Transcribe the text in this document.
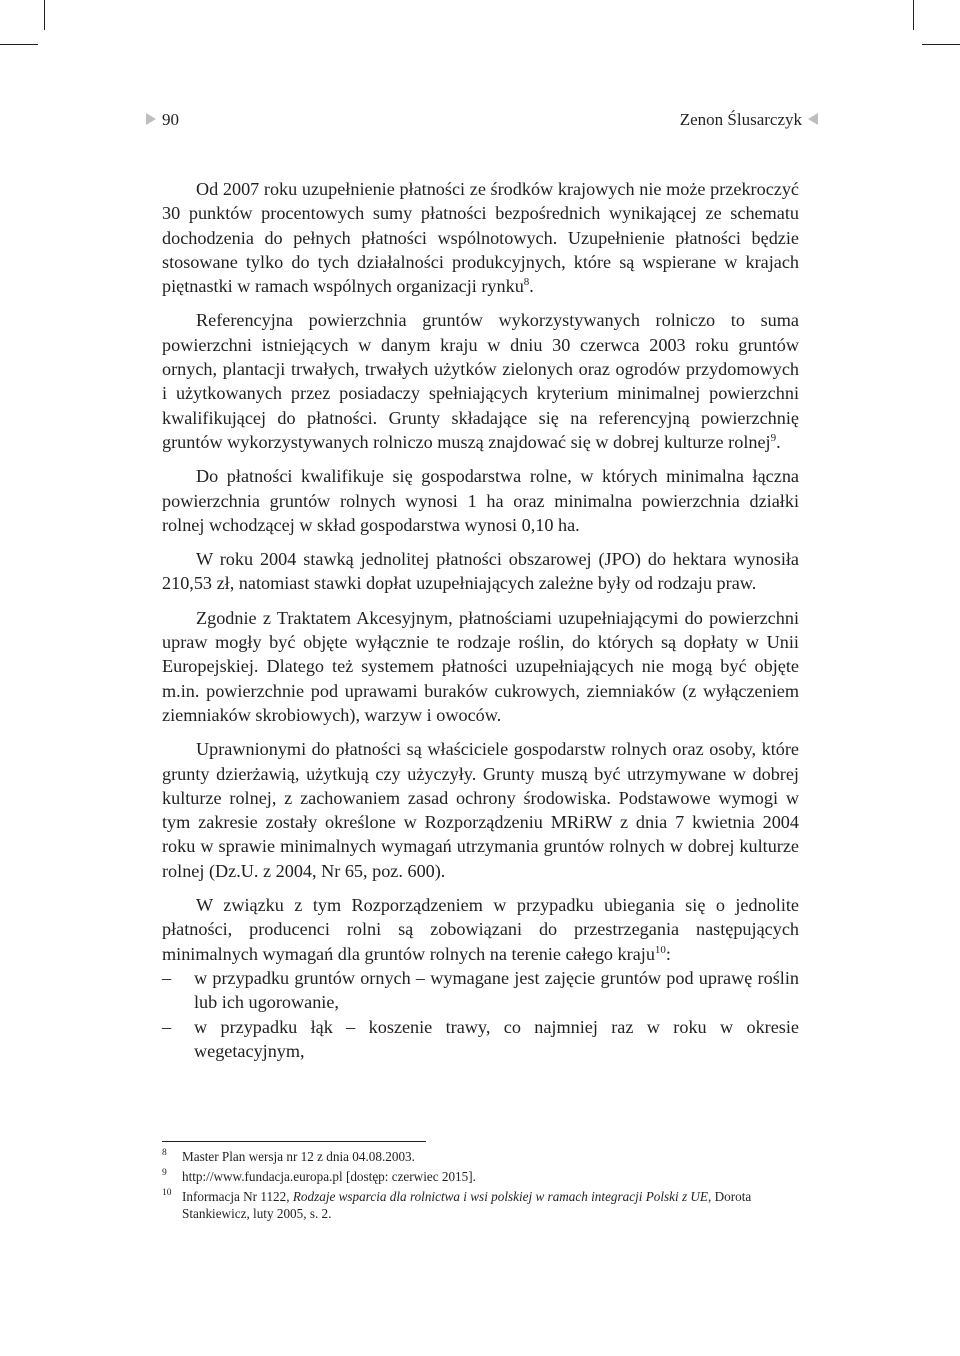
90	Zenon Ślusarczyk

Od 2007 roku uzupełnienie płatności ze środków krajowych nie może przekroczyć 30 punktów procentowych sumy płatności bezpośrednich wynikającej ze schematu dochodzenia do pełnych płatności wspólnotowych. Uzupełnienie płatności będzie stosowane tylko do tych działalności produkcyjnych, które są wspierane w krajach piętnastki w ramach wspólnych organizacji rynku$^8$.

Referencyjna powierzchnia gruntów wykorzystywanych rolniczo to suma powierzchni istniejących w danym kraju w dniu 30 czerwca 2003 roku gruntów ornych, plantacji trwałych, trwałych użytków zielonych oraz ogrodów przydomowych i użytkowanych przez posiadaczy spełniających kryterium minimalnej powierzchni kwalifikującej do płatności. Grunty składające się na referencyjną powierzchnię gruntów wykorzystywanych rolniczo muszą znajdować się w dobrej kulturze rolnej$^9$.

Do płatności kwalifikuje się gospodarstwa rolne, w których minimalna łączna powierzchnia gruntów rolnych wynosi 1 ha oraz minimalna powierzchnia działki rolnej wchodzącej w skład gospodarstwa wynosi 0,10 ha.

W roku 2004 stawką jednolitej płatności obszarowej (JPO) do hektara wynosiła 210,53 zł, natomiast stawki dopłat uzupełniających zależne były od rodzaju praw.

Zgodnie z Traktatem Akcesyjnym, płatnościami uzupełniającymi do powierzchni upraw mogły być objęte wyłącznie te rodzaje roślin, do których są dopłaty w Unii Europejskiej. Dlatego też systemem płatności uzupełniających nie mogą być objęte m.in. powierzchnie pod uprawami buraków cukrowych, ziemniaków (z wyłączeniem ziemniaków skrobiowych), warzyw i owoców.

Uprawnionymi do płatności są właściciele gospodarstw rolnych oraz osoby, które grunty dzierżawią, użytkują czy użyczyły. Grunty muszą być utrzymywane w dobrej kulturze rolnej, z zachowaniem zasad ochrony środowiska. Podstawowe wymogi w tym zakresie zostały określone w Rozporządzeniu MRiRW z dnia 7 kwietnia 2004 roku w sprawie minimalnych wymagań utrzymania gruntów rolnych w dobrej kulturze rolnej (Dz.U. z 2004, Nr 65, poz. 600).

W związku z tym Rozporządzeniem w przypadku ubiegania się o jednolite płatności, producenci rolni są zobowiązani do przestrzegania następujących minimalnych wymagań dla gruntów rolnych na terenie całego kraju$^{10}$:

– w przypadku gruntów ornych – wymagane jest zajęcie gruntów pod uprawę roślin lub ich ugorowanie,
– w przypadku łąk – koszenie trawy, co najmniej raz w roku w okresie wegetacyjnym,
8 Master Plan wersja nr 12 z dnia 04.08.2003.
9 http://www.fundacja.europa.pl [dostęp: czerwiec 2015].
10 Informacja Nr 1122, Rodzaje wsparcia dla rolnictwa i wsi polskiej w ramach integracji Polski z UE, Dorota Stankiewicz, luty 2005, s. 2.
